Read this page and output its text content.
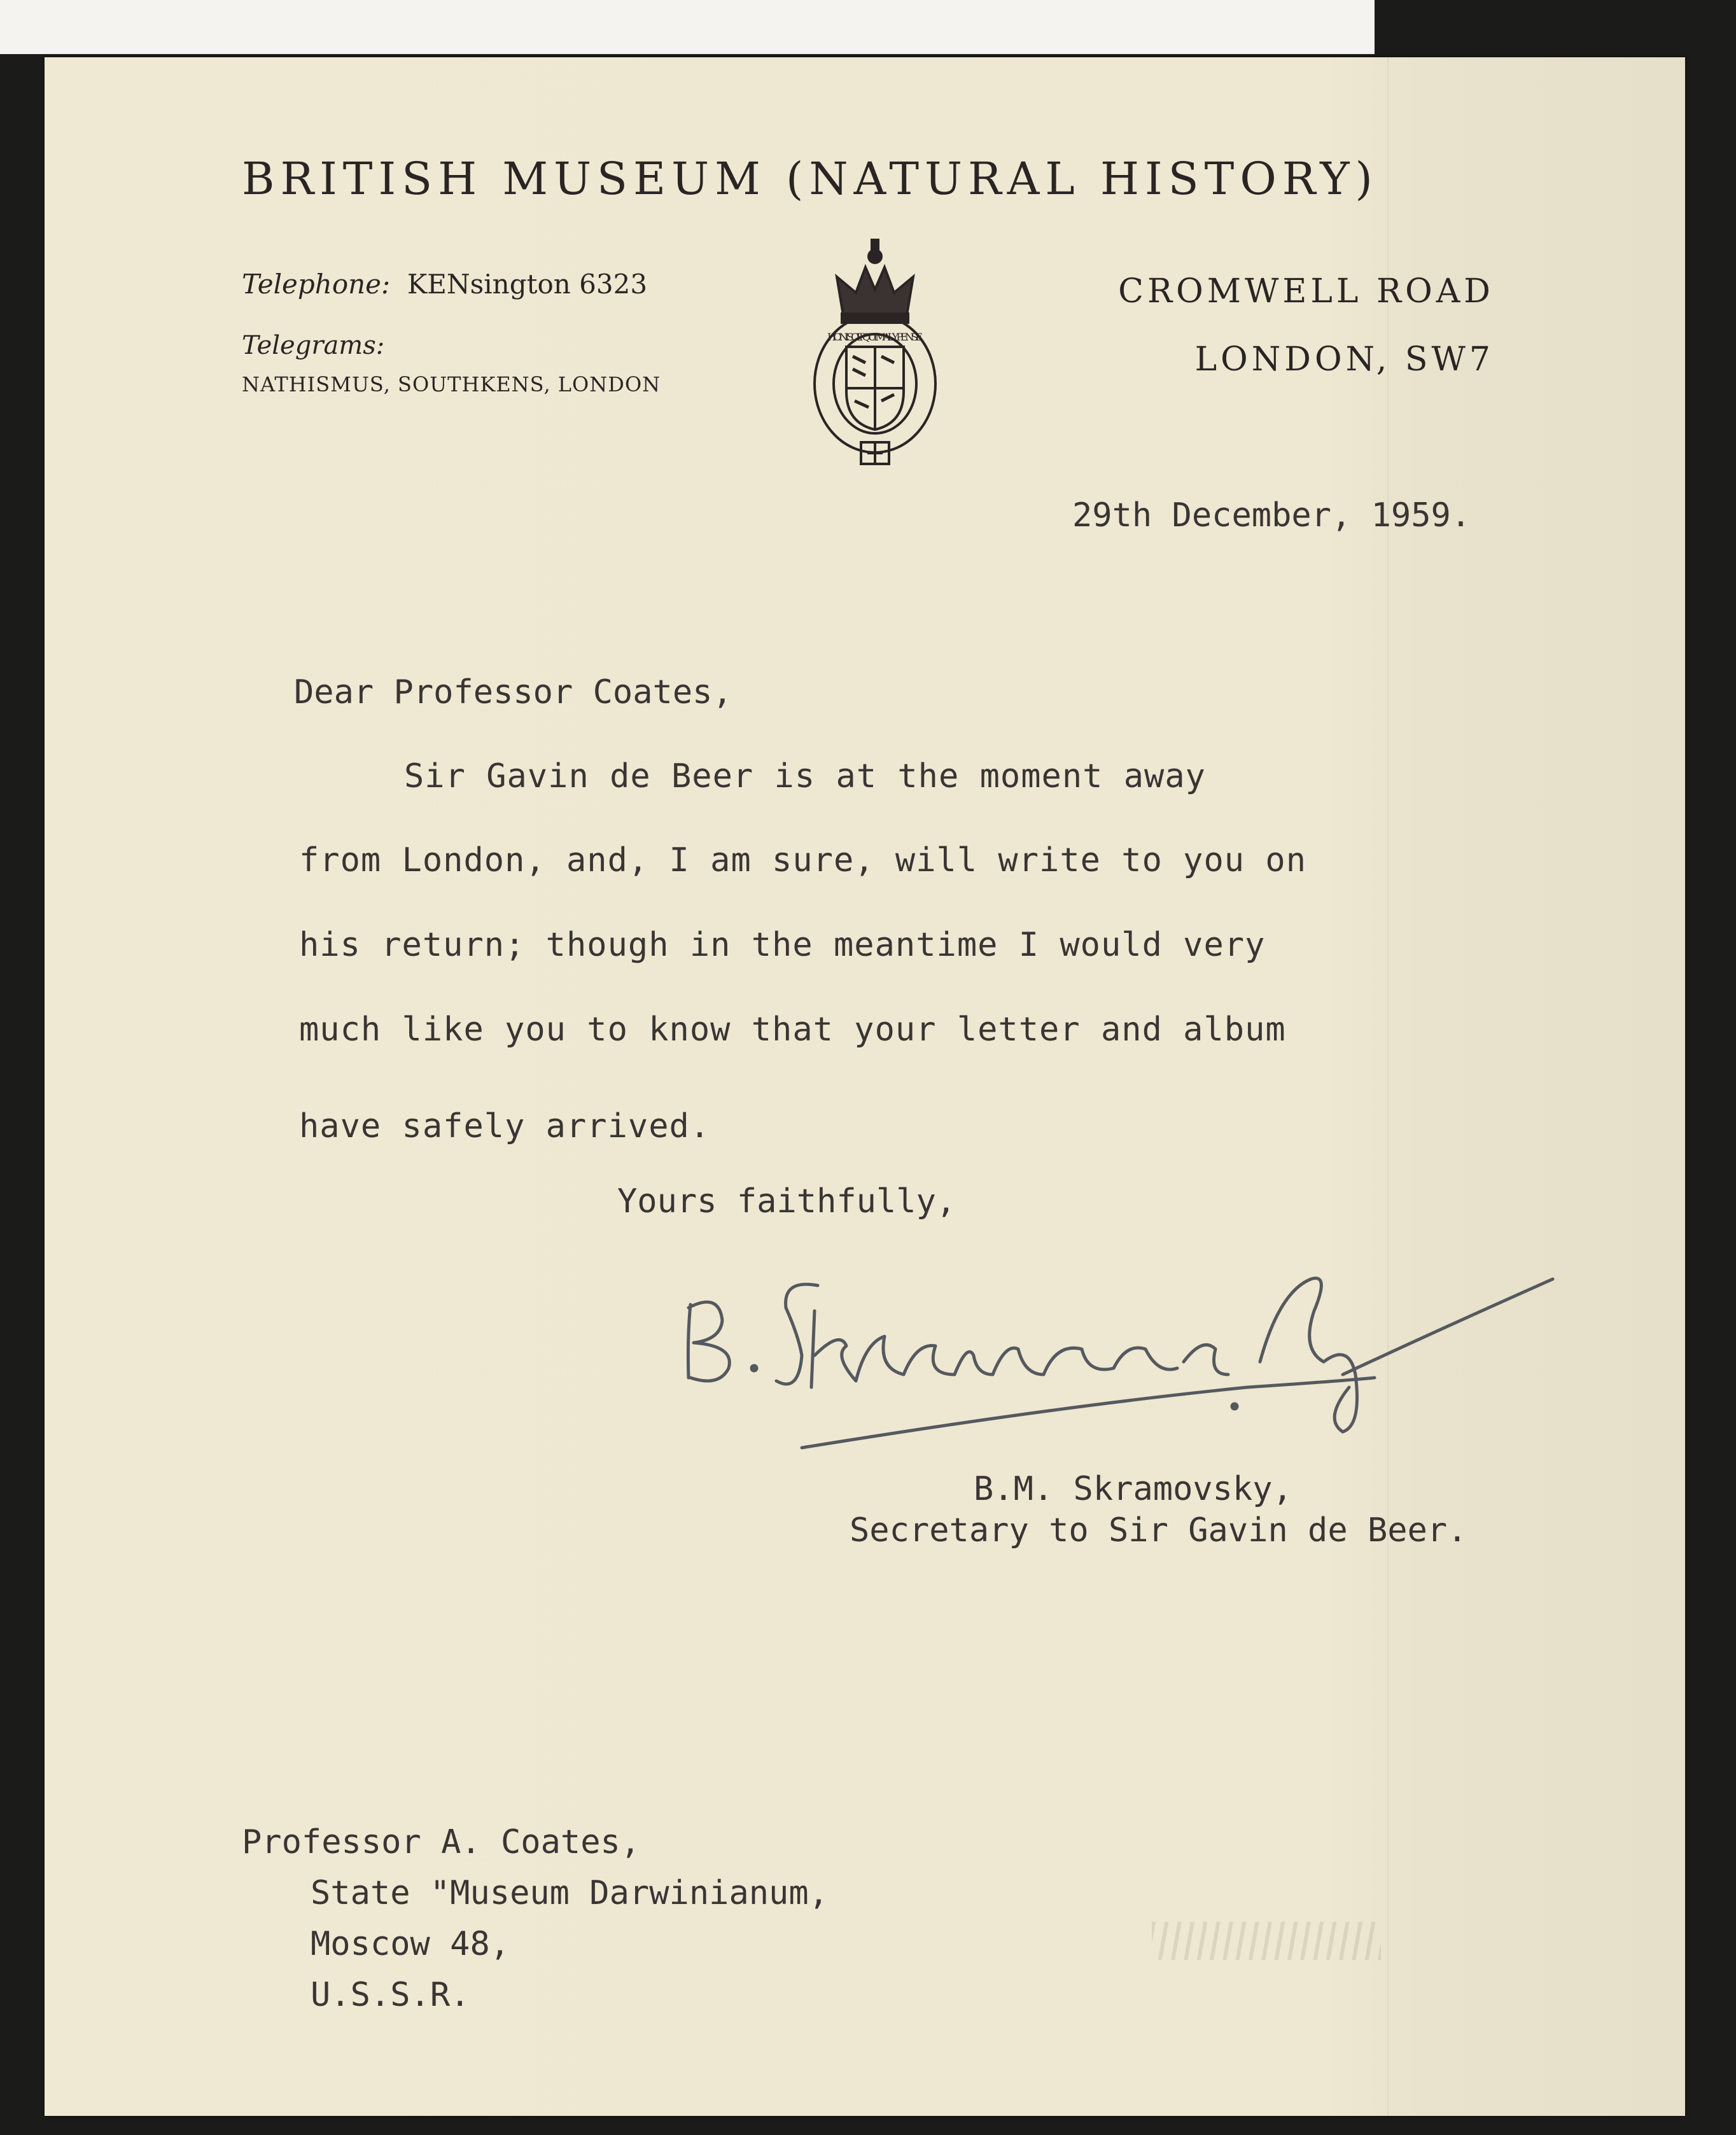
BRITISH MUSEUM (NATURAL HISTORY)
Telephone: KENsington 6323
Telegrams:
NATHISMUS, SOUTHKENS, LONDON
CROMWELL ROAD
LONDON, SW7
HONI SOIT QUI MAL Y PENSE
29th December, 1959.
Dear Professor Coates,
Sir Gavin de Beer is at the moment away
from London, and, I am sure, will write to you on
his return; though in the meantime I would very
much like you to know that your letter and album
have safely arrived.
Yours faithfully,
B.M. Skramovsky,
Secretary to Sir Gavin de Beer.
Professor A. Coates,
State "Museum Darwinianum,
Moscow 48,
U.S.S.R.
